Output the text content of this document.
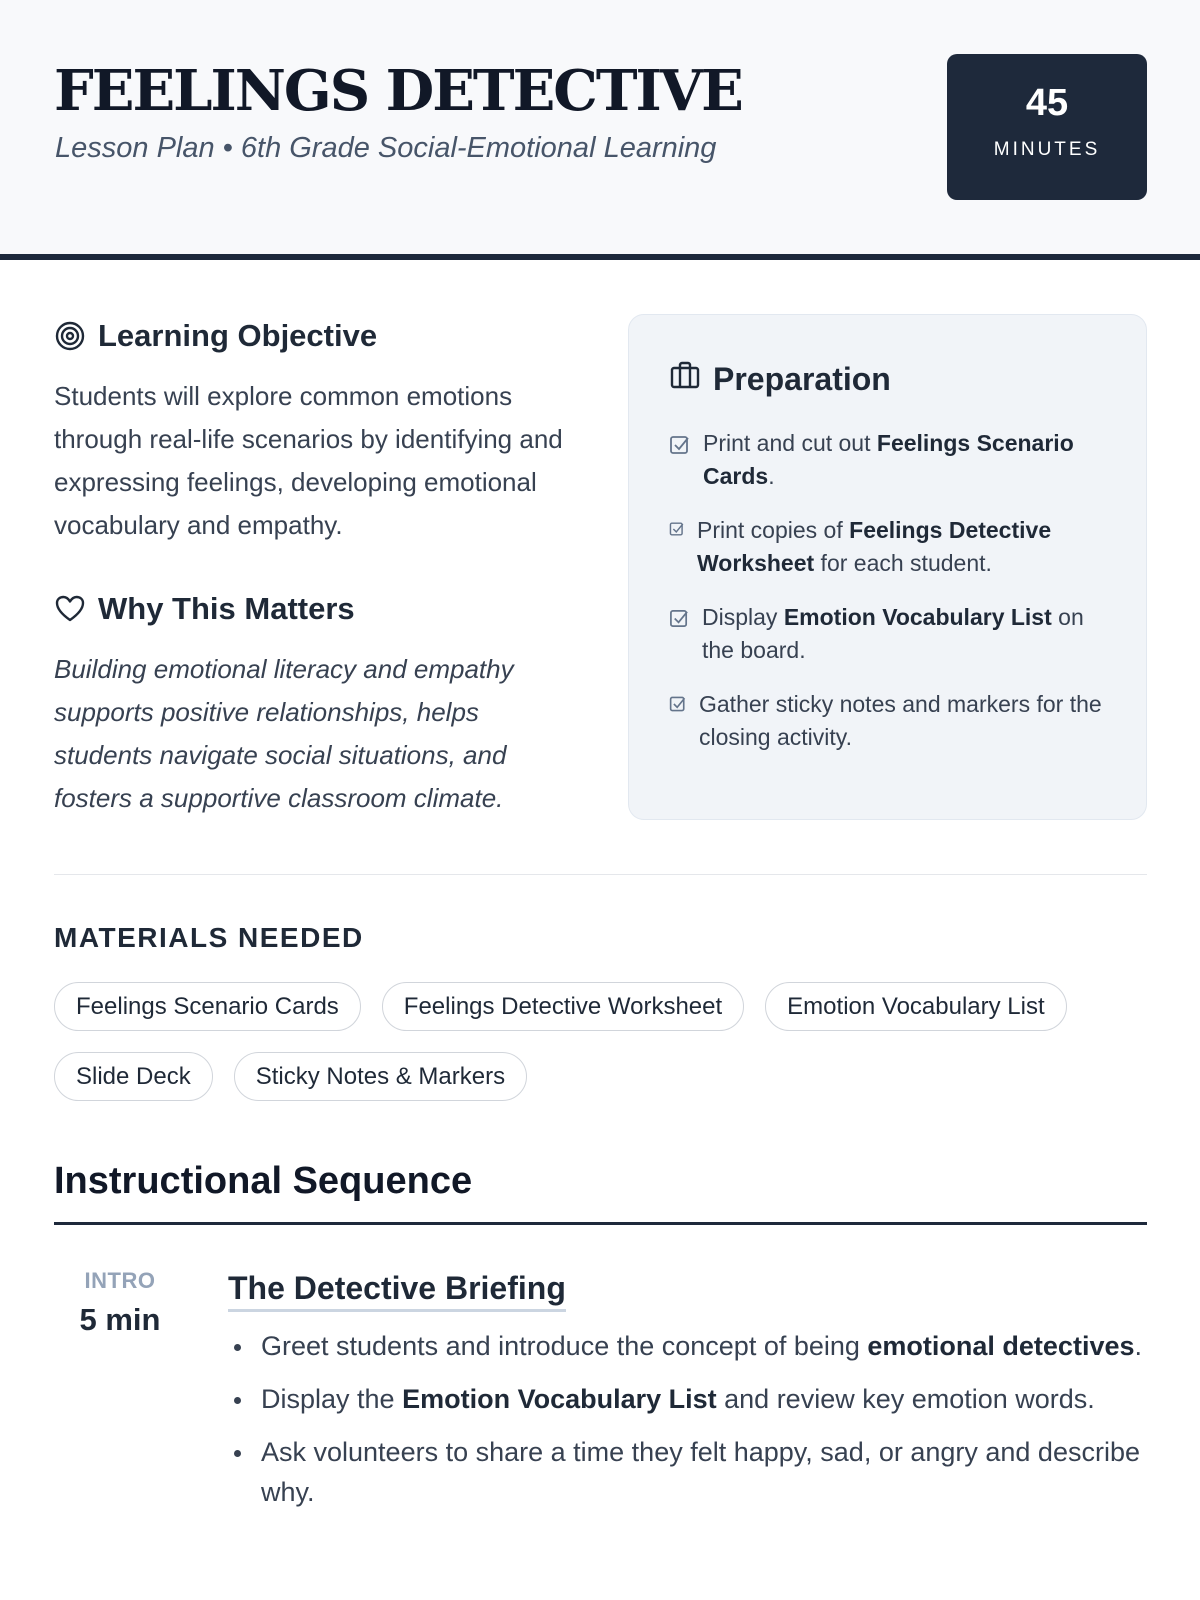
FEELINGS DETECTIVE
Lesson Plan • 6th Grade Social-Emotional Learning
45
MINUTES
Learning Objective

Students will explore common emotions through real-life scenarios by identifying and expressing feelings, developing emotional vocabulary and empathy.

Why This Matters

Building emotional literacy and empathy supports positive relationships, helps students navigate social situations, and fosters a supportive classroom climate.

Preparation
Print and cut out Feelings Scenario Cards.
Print copies of Feelings Detective Worksheet for each student.
Display Emotion Vocabulary List on the board.
Gather sticky notes and markers for the closing activity.
MATERIALS NEEDED
Feelings Scenario Cards	Feelings Detective Worksheet	Emotion Vocabulary List
Slide Deck	Sticky Notes & Markers
Instructional Sequence
INTRO
5 min
The Detective Briefing
Greet students and introduce the concept of being emotional detectives.
Display the Emotion Vocabulary List and review key emotion words.
Ask volunteers to share a time they felt happy, sad, or angry and describe why.
